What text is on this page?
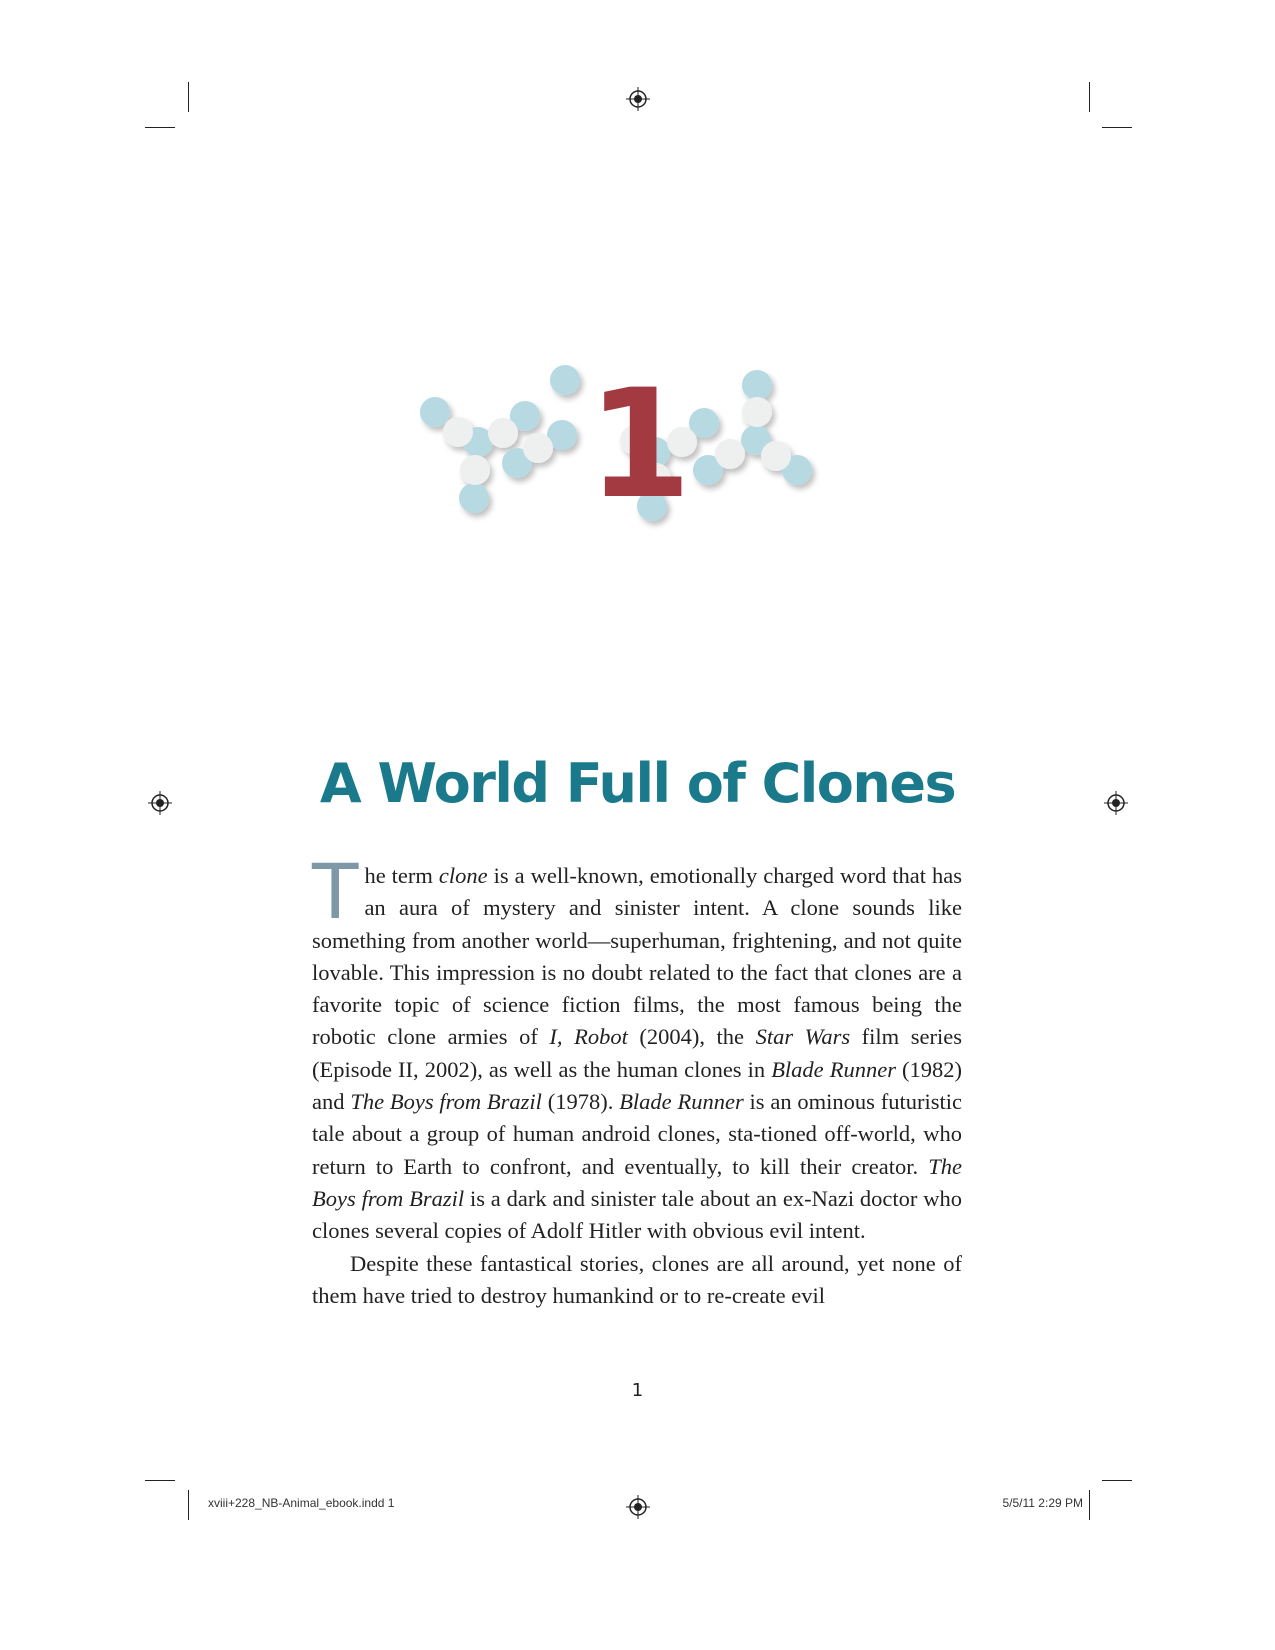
1
A World Full of Clones

The term clone is a well-known, emotionally charged word that has an aura of mystery and sinister intent. A clone sounds like something from another world—superhuman, frightening, and not quite lovable. This impression is no doubt related to the fact that clones are a favorite topic of science fiction films, the most famous being the robotic clone armies of I, Robot (2004), the Star Wars film series (Episode II, 2002), as well as the human clones in Blade Runner (1982) and The Boys from Brazil (1978). Blade Runner is an ominous futuristic tale about a group of human android clones, sta-tioned off-world, who return to Earth to confront, and eventually, to kill their creator. The Boys from Brazil is a dark and sinister tale about an ex-Nazi doctor who clones several copies of Adolf Hitler with obvious evil intent.

Despite these fantastical stories, clones are all around, yet none of them have tried to destroy humankind or to re-create evil

1
xviii+228_NB-Animal_ebook.indd 1	5/5/11 2:29 PM
